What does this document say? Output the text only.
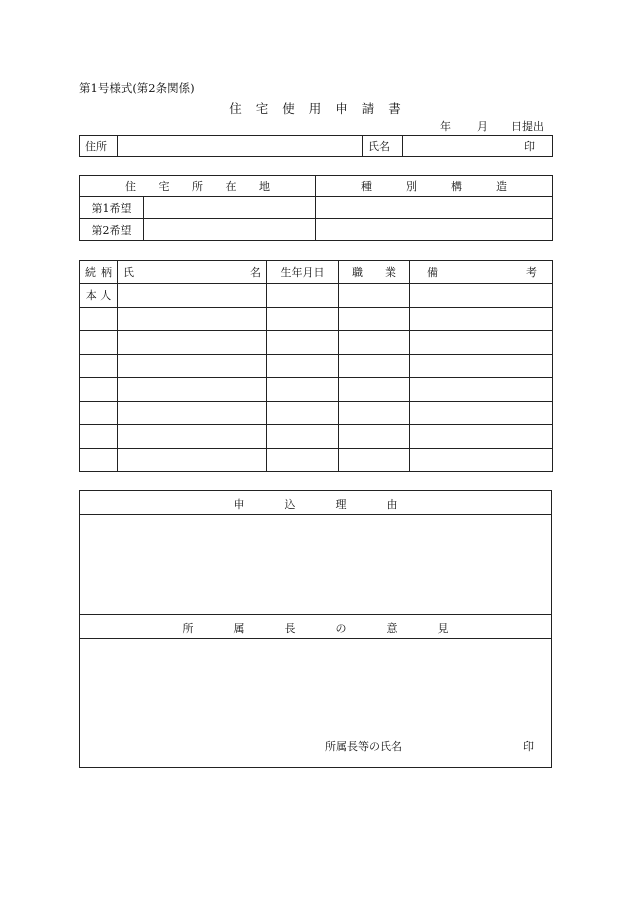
第1号様式(第2条関係)
住 宅 使 用 申 請 書
年 月 日提出
住所		氏名	印
住 宅 所 在 地		種 別 構 造

第1希望		
第2希望		
続 柄	氏 名	生年月日	職 業	備 考

本 人				

申	込	理	由
所	属	長	の	意	見
所属長等の氏名	印
